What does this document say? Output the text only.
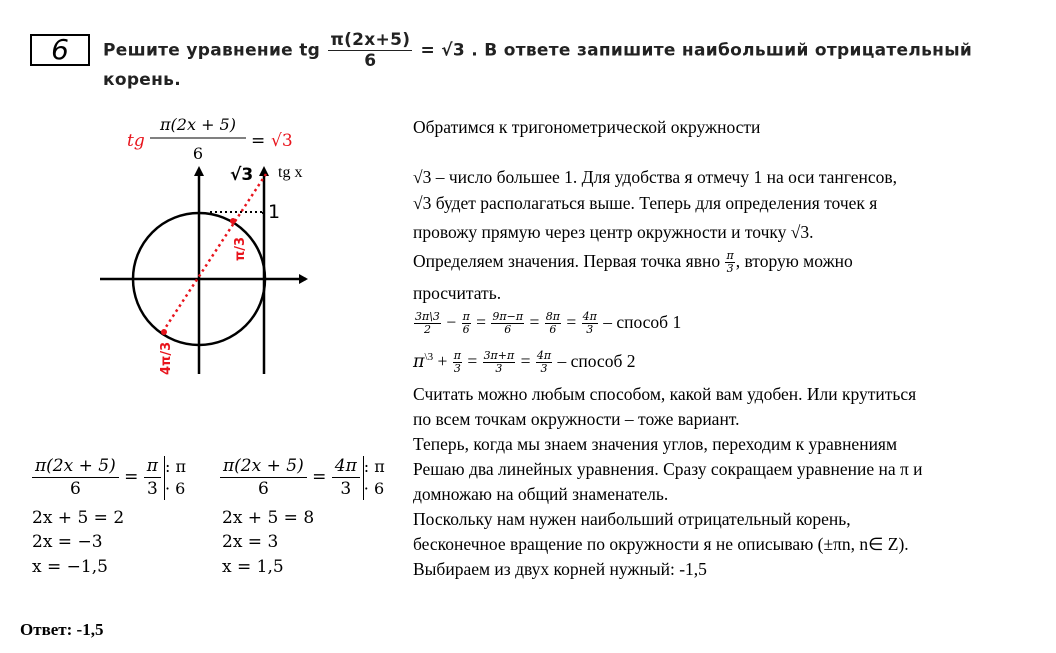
6	Решите уравнение tg $\frac{\pi(2x+5)}{6} = √3$ . В ответе запишите наибольший отрицательный
корень.
tg
π(2x + 5)
6
= √3
√3 tg x
1
π/3
4π/3
Обратимся к тригонометрической окружности
√3 – число большее 1. Для удобства я отмечу 1 на оси тангенсов,
√3 будет располагаться выше. Теперь для определения точек я
провожу прямую через центр окружности и точку √3.
Определяем значения. Первая точка явно $\frac{\pi}{3}$ , вторую можно
просчитать.
$\frac{3\pi\backslash 3}{2} - \frac{\pi}{6} = \frac{9\pi-\pi}{6} = \frac{8\pi}{6} = \frac{4\pi}{3}$ – способ 1
$\pi^{\backslash 3} + \frac{\pi}{3} = \frac{3\pi+\pi}{3} = \frac{4\pi}{3}$ – способ 2
Считать можно любым способом, какой вам удобен. Или крутиться
по всем точкам окружности – тоже вариант.
Теперь, когда мы знаем значения углов, переходим к уравнениям
Решаю два линейных уравнения. Сразу сокращаем уравнение на π и
домножаю на общий знаменатель.
Поскольку нам нужен наибольший отрицательный корень,
бесконечное вращение по окружности я не описываю (±πn, n∈ Z).
Выбираем из двух корней нужный: -1,5
$\frac{\pi(2x + 5)}{6} = \frac{\pi}{3}$ : π
· 6
2x + 5 = 2
2x = −3
x = −1,5
$\frac{\pi(2x + 5)}{6} = \frac{4\pi}{3}$ : π
· 6
2x + 5 = 8
2x = 3
x = 1,5
Ответ: -1,5
